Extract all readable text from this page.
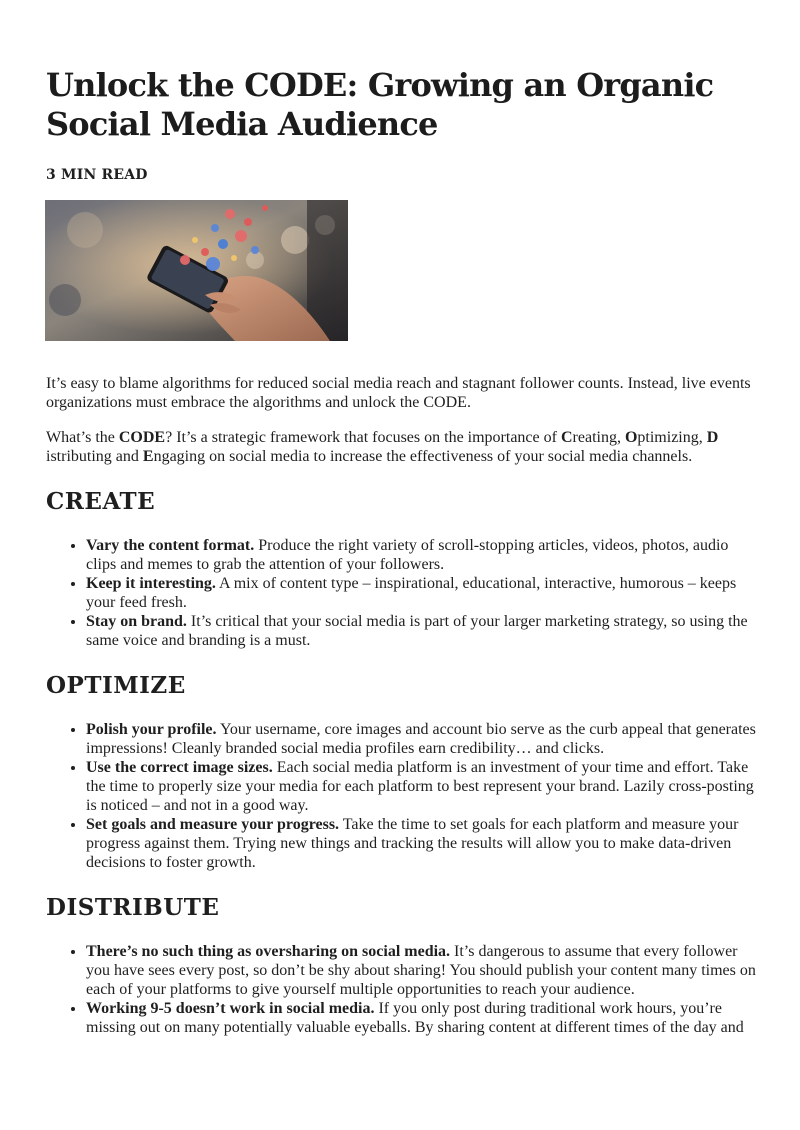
Unlock the CODE: Growing an Organic Social Media Audience
3 MIN READ

It’s easy to blame algorithms for reduced social media reach and stagnant follower counts. Instead, live events organizations must embrace the algorithms and unlock the CODE.

What’s the CODE? It’s a strategic framework that focuses on the importance of Creating, Optimizing, D
istributing and Engaging on social media to increase the effectiveness of your social media channels.

CREATE
• Vary the content format. Produce the right variety of scroll-stopping articles, videos, photos, audio clips and memes to grab the attention of your followers.
• Keep it interesting. A mix of content type – inspirational, educational, interactive, humorous – keeps your feed fresh.
• Stay on brand. It’s critical that your social media is part of your larger marketing strategy, so using the same voice and branding is a must.
OPTIMIZE
• Polish your profile. Your username, core images and account bio serve as the curb appeal that generates impressions! Cleanly branded social media profiles earn credibility… and clicks.
• Use the correct image sizes. Each social media platform is an investment of your time and effort. Take the time to properly size your media for each platform to best represent your brand. Lazily cross-posting is noticed – and not in a good way.
• Set goals and measure your progress. Take the time to set goals for each platform and measure your progress against them. Trying new things and tracking the results will allow you to make data-driven decisions to foster growth.
DISTRIBUTE
• There’s no such thing as oversharing on social media. It’s dangerous to assume that every follower you have sees every post, so don’t be shy about sharing! You should publish your content many times on each of your platforms to give yourself multiple opportunities to reach your audience.
• Working 9-5 doesn’t work in social media. If you only post during traditional work hours, you’re missing out on many potentially valuable eyeballs. By sharing content at different times of the day and
